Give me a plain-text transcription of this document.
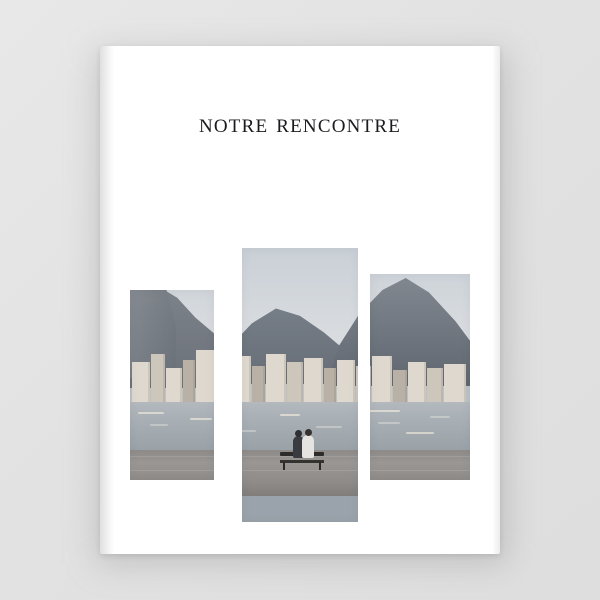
notre rencontre
